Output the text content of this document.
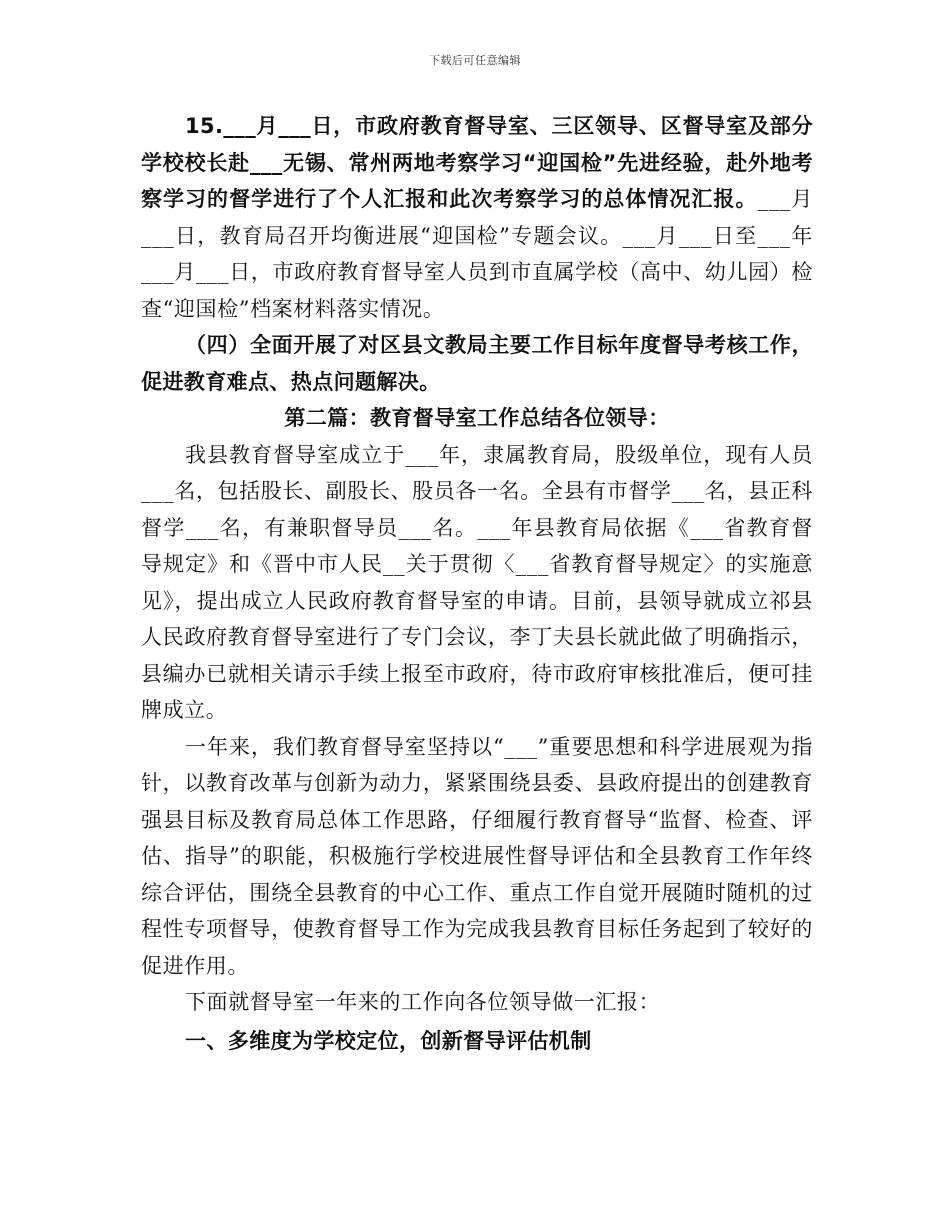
下载后可任意编辑

15.___月___日，市政府教育督导室、三区领导、区督导室及部分学校校长赴___无锡、常州两地考察学习“迎国检”先进经验，赴外地考察学习的督学进行了个人汇报和此次考察学习的总体情况汇报。___月___日，教育局召开均衡进展“迎国检”专题会议。___月___日至___年___月___日，市政府教育督导室人员到市直属学校（高中、幼儿园）检查“迎国检”档案材料落实情况。

（四）全面开展了对区县文教局主要工作目标年度督导考核工作，促进教育难点、热点问题解决。

第二篇：教育督导室工作总结各位领导：

我县教育督导室成立于___年，隶属教育局，股级单位，现有人员___名，包括股长、副股长、股员各一名。全县有市督学___名，县正科督学___名，有兼职督导员___名。___年县教育局依据《___省教育督导规定》和《晋中市人民__关于贯彻〈___省教育督导规定〉的实施意见》，提出成立人民政府教育督导室的申请。目前，县领导就成立祁县人民政府教育督导室进行了专门会议，李丁夫县长就此做了明确指示，县编办已就相关请示手续上报至市政府，待市政府审核批准后，便可挂牌成立。

一年来，我们教育督导室坚持以“___”重要思想和科学进展观为指针，以教育改革与创新为动力，紧紧围绕县委、县政府提出的创建教育强县目标及教育局总体工作思路，仔细履行教育督导“监督、检查、评估、指导”的职能，积极施行学校进展性督导评估和全县教育工作年终综合评估，围绕全县教育的中心工作、重点工作自觉开展随时随机的过程性专项督导，使教育督导工作为完成我县教育目标任务起到了较好的促进作用。

下面就督导室一年来的工作向各位领导做一汇报：

一、多维度为学校定位，创新督导评估机制
